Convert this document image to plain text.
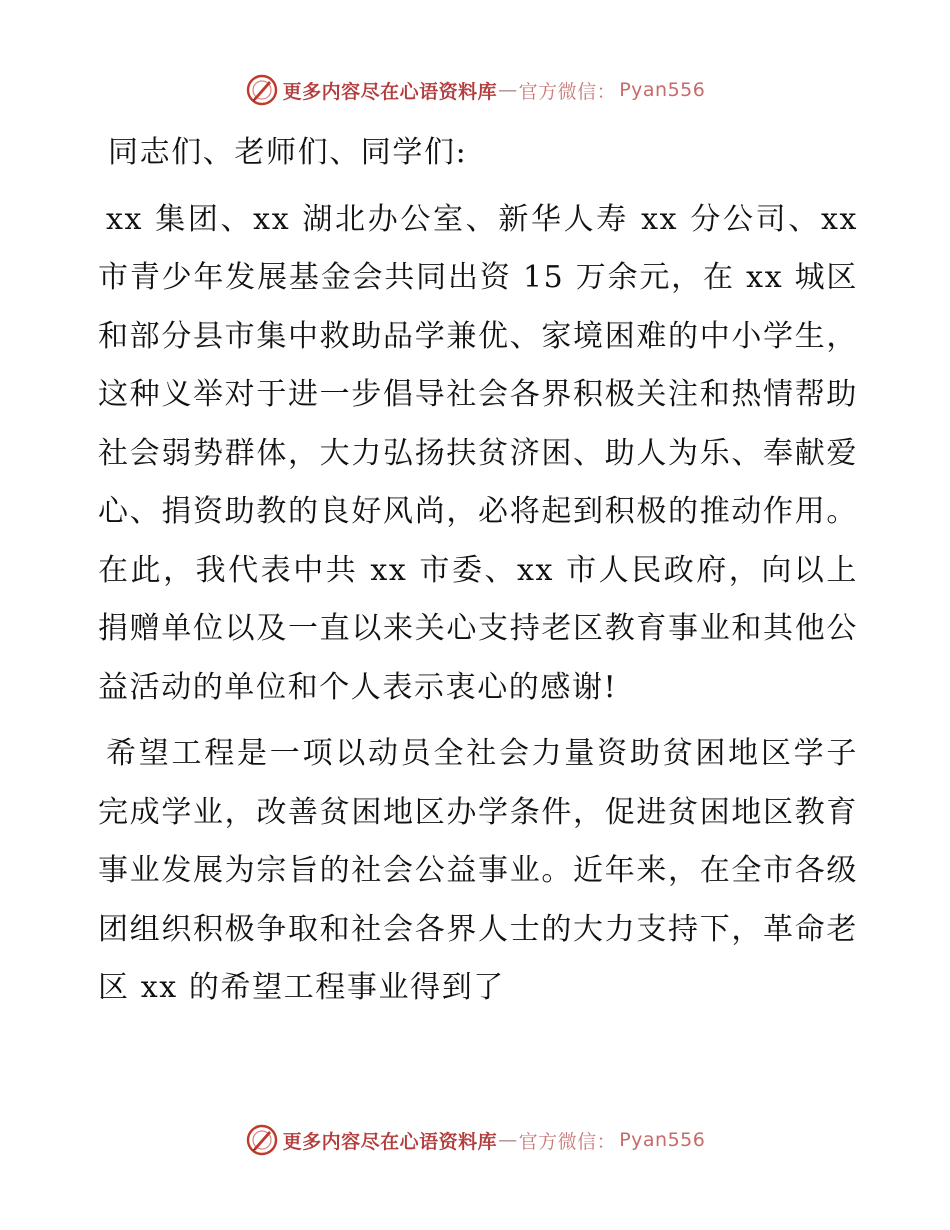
更多内容尽在心语资料库 — 官方微信： Pyan556
同志们、老师们、同学们:

xx 集团、xx 湖北办公室、新华人寿 xx 分公司、xx 市青少年发展基金会共同出资 15 万余元，在 xx 城区和部分县市集中救助品学兼优、家境困难的中小学生，这种义举对于进一步倡导社会各界积极关注和热情帮助社会弱势群体，大力弘扬扶贫济困、助人为乐、奉献爱心、捐资助教的良好风尚，必将起到积极的推动作用。在此，我代表中共 xx 市委、xx 市人民政府，向以上捐赠单位以及一直以来关心支持老区教育事业和其他公益活动的单位和个人表示衷心的感谢!

希望工程是一项以动员全社会力量资助贫困地区学子完成学业，改善贫困地区办学条件，促进贫困地区教育事业发展为宗旨的社会公益事业。近年来，在全市各级团组织积极争取和社会各界人士的大力支持下，革命老区 xx 的希望工程事业得到了

更多内容尽在心语资料库 — 官方微信： Pyan556
